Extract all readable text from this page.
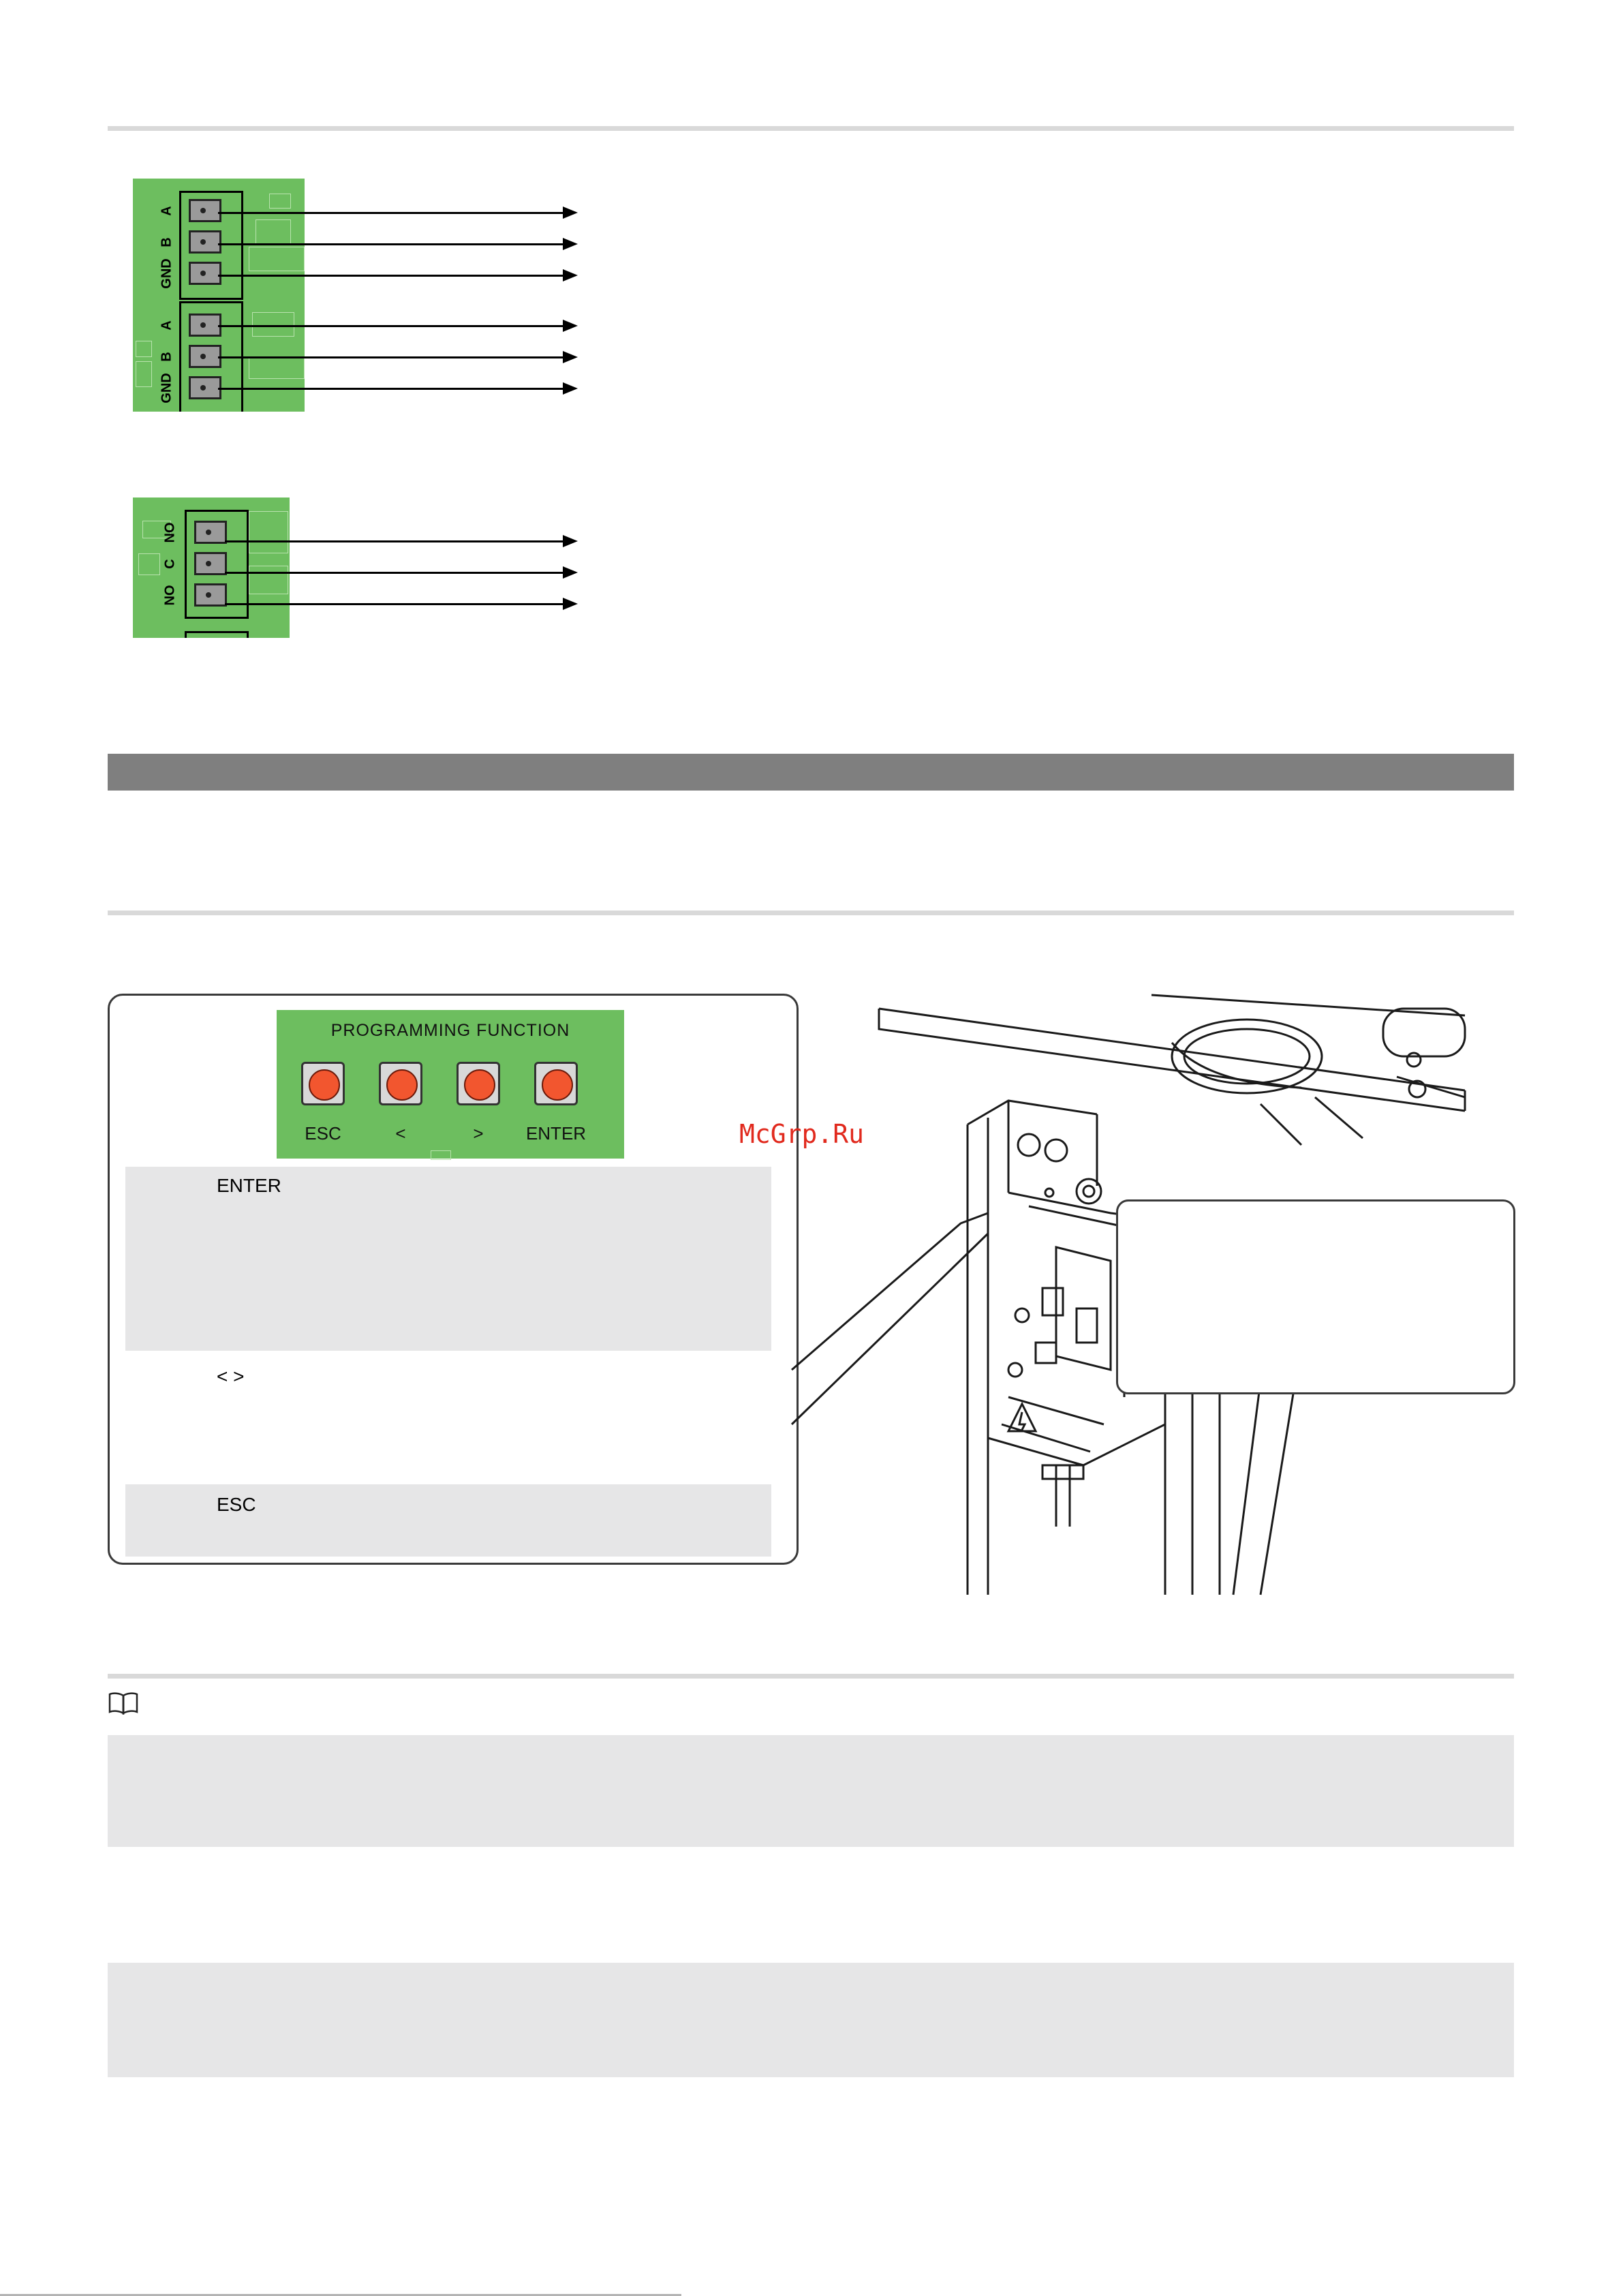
A
B
GND
A
B
GND
NO
C
NO
PROGRAMMING FUNCTION
ESC	<	>	ENTER
ENTER
< >
ESC
McGrp.Ru
